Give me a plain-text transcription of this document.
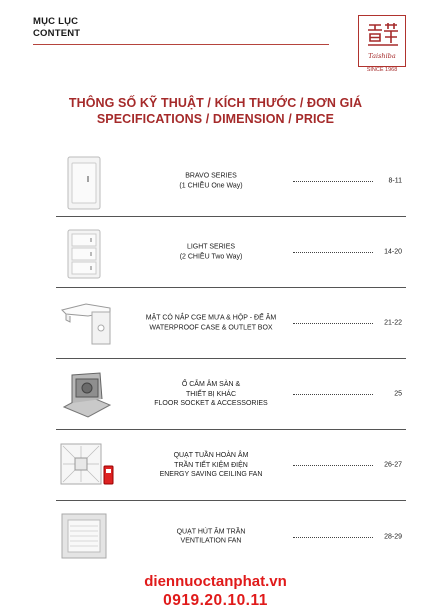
MỤC LỤC
CONTENT
Taishiba
SINCE 1968
THÔNG SỐ KỸ THUẬT / KÍCH THƯỚC / ĐƠN GIÁ
SPECIFICATIONS / DIMENSION / PRICE
BRAVO SERIES
(1 CHIỀU One Way)
8-11
LIGHT SERIES
(2 CHIỀU Two Way)
14-20
MẶT CÓ NẮP CGE MƯA & HỘP - ĐẾ ÂM
WATERPROOF CASE & OUTLET BOX
21-22
Ổ CẮM ÂM SÀN &
THIẾT BỊ KHÁC
FLOOR SOCKET & ACCESSORIES
25
QUẠT TUẦN HOÀN ÂM
TRẦN TIẾT KIỆM ĐIỆN
ENERGY SAVING CEILING FAN
26-27
QUẠT HÚT ÂM TRẦN
VENTILATION FAN
28-29
diennuoctanphat.vn
0919.20.10.11
